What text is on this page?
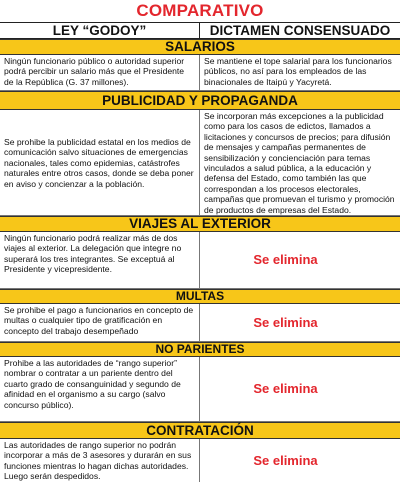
COMPARATIVO
LEY “GODOY”	DICTAMEN CONSENSUADO
SALARIOS
Ningún funcionario público o autoridad superior podrá percibir un salario más que el Presidente de la República (G. 37 millones).
Se mantiene el tope salarial para los funcionarios públicos, no así para los empleados de las binacionales de Itaipú y Yacyretá.
PUBLICIDAD Y PROPAGANDA
Se prohibe la publicidad estatal en los medios de comunicación salvo situaciones de emergencias nacionales, tales como epidemias, catástrofes naturales entre otros casos, donde se deba poner en aviso y concienzar a la población.
Se incorporan más excepciones a la publicidad como para los casos de edictos, llamados a licitaciones y concursos de precios; para difusión de mensajes y campañas permanentes de sensibilización y concienciación para temas vinculados a salud pública, a la educación y defensa del Estado, como también las que correspondan a los procesos electorales, campañas que promuevan el turismo y promoción de productos de empresas del Estado.
VIAJES AL EXTERIOR
Ningún funcionario podrá realizar más de dos viajes al exterior. La delegación que integre no superará los tres integrantes. Se exceptuá al Presidente y vicepresidente.
Se elimina
MULTAS
Se prohibe el pago a funcionarios en concepto de multas o cualquier tipo de gratificación en concepto del trabajo desempeñado
Se elimina
NO PARIENTES
Prohibe a las autoridades de “rango superior” nombrar o contratar a un pariente dentro del cuarto grado de consanguinidad y segundo de afinidad en el organismo a su cargo (salvo concurso público).
Se elimina
CONTRATACIÓN
Las autoridades de rango superior no podrán incorporar a más de 3 asesores y durarán en sus funciones mientras lo hagan dichas autoridades. Luego serán despedidos.
Se elimina
